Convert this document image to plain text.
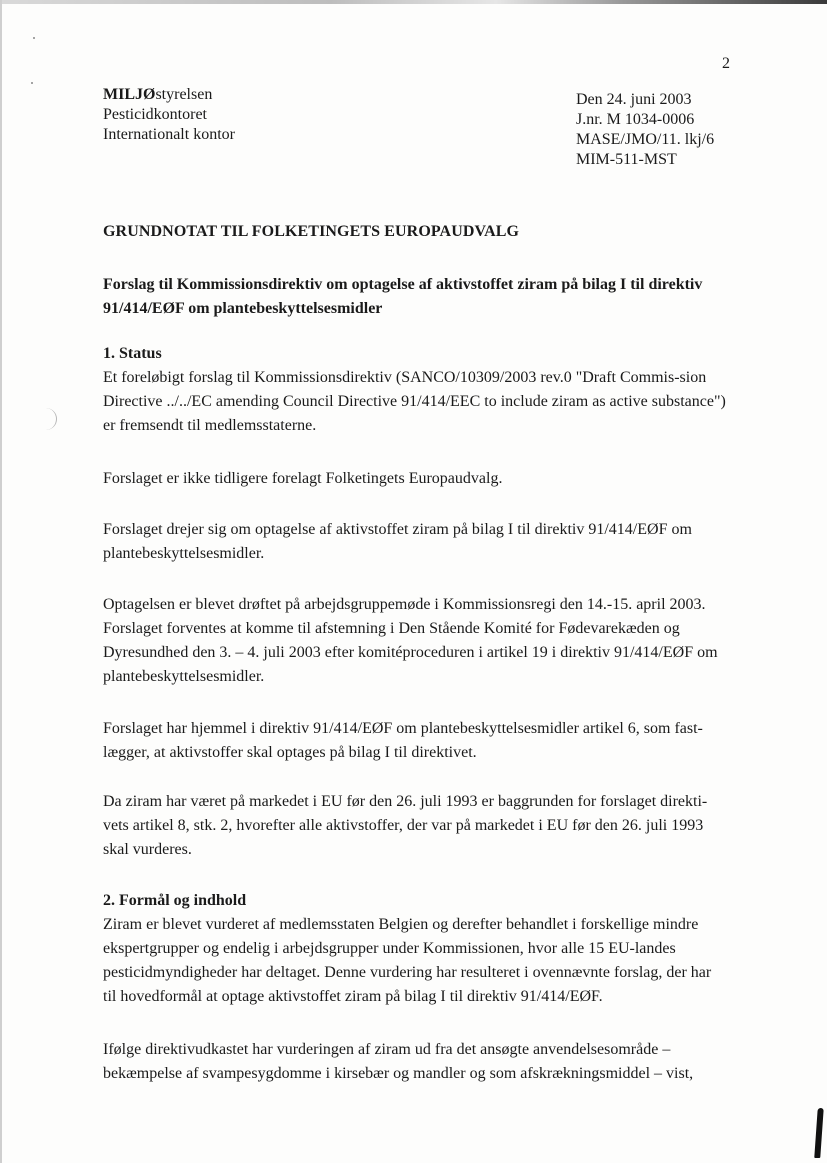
2
MILJØstyrelsen
Pesticidkontoret
Internationalt kontor
Den 24. juni 2003
J.nr. M 1034-0006
MASE/JMO/11. lkj/6
MIM-511-MST
GRUNDNOTAT TIL FOLKETINGETS EUROPAUDVALG
Forslag til Kommissionsdirektiv om optagelse af aktivstoffet ziram på bilag I til direktiv 91/414/EØF om plantebeskyttelsesmidler
1. Status

Et foreløbigt forslag til Kommissionsdirektiv (SANCO/10309/2003 rev.0 "Draft Commis-sion Directive ../../EC amending Council Directive 91/414/EEC to include ziram as active substance") er fremsendt til medlemsstaterne.

Forslaget er ikke tidligere forelagt Folketingets Europaudvalg.

Forslaget drejer sig om optagelse af aktivstoffet ziram på bilag I til direktiv 91/414/EØF om plantebeskyttelsesmidler.

Optagelsen er blevet drøftet på arbejdsgruppemøde i Kommissionsregi den 14.-15. april 2003. Forslaget forventes at komme til afstemning i Den Stående Komité for Fødevarekæden og Dyresundhed den 3. – 4. juli 2003 efter komitéproceduren i artikel 19 i direktiv 91/414/EØF om plantebeskyttelsesmidler.

Forslaget har hjemmel i direktiv 91/414/EØF om plantebeskyttelsesmidler artikel 6, som fast-lægger, at aktivstoffer skal optages på bilag I til direktivet.

Da ziram har været på markedet i EU før den 26. juli 1993 er baggrunden for forslaget direkti-vets artikel 8, stk. 2, hvorefter alle aktivstoffer, der var på markedet i EU før den 26. juli 1993 skal vurderes.

2. Formål og indhold

Ziram er blevet vurderet af medlemsstaten Belgien og derefter behandlet i forskellige mindre ekspertgrupper og endelig i arbejdsgrupper under Kommissionen, hvor alle 15 EU-landes pesticidmyndigheder har deltaget. Denne vurdering har resulteret i ovennævnte forslag, der har til hovedformål at optage aktivstoffet ziram på bilag I til direktiv 91/414/EØF.

Ifølge direktivudkastet har vurderingen af ziram ud fra det ansøgte anvendelsesområde – bekæmpelse af svampesygdomme i kirsebær og mandler og som afskrækningsmiddel – vist,
